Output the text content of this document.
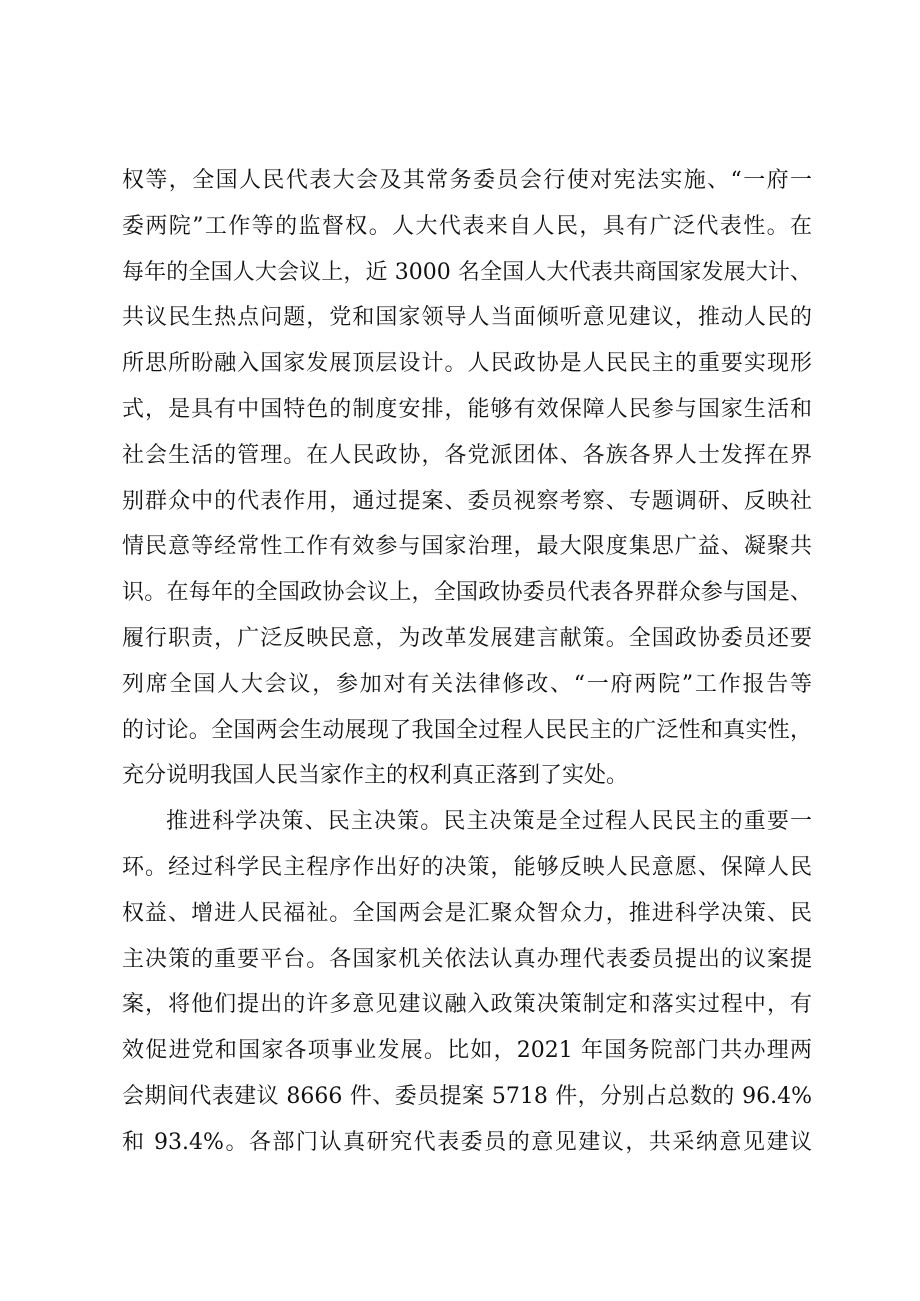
权等，全国人民代表大会及其常务委员会行使对宪法实施、“一府一
委两院”工作等的监督权。人大代表来自人民，具有广泛代表性。在
每年的全国人大会议上，近 3000 名全国人大代表共商国家发展大计、
共议民生热点问题，党和国家领导人当面倾听意见建议，推动人民的
所思所盼融入国家发展顶层设计。人民政协是人民民主的重要实现形
式，是具有中国特色的制度安排，能够有效保障人民参与国家生活和
社会生活的管理。在人民政协，各党派团体、各族各界人士发挥在界
别群众中的代表作用，通过提案、委员视察考察、专题调研、反映社
情民意等经常性工作有效参与国家治理，最大限度集思广益、凝聚共
识。在每年的全国政协会议上，全国政协委员代表各界群众参与国是、
履行职责，广泛反映民意，为改革发展建言献策。全国政协委员还要
列席全国人大会议，参加对有关法律修改、“一府两院”工作报告等
的讨论。全国两会生动展现了我国全过程人民民主的广泛性和真实性，
充分说明我国人民当家作主的权利真正落到了实处。
推进科学决策、民主决策。民主决策是全过程人民民主的重要一
环。经过科学民主程序作出好的决策，能够反映人民意愿、保障人民
权益、增进人民福祉。全国两会是汇聚众智众力，推进科学决策、民
主决策的重要平台。各国家机关依法认真办理代表委员提出的议案提
案，将他们提出的许多意见建议融入政策决策制定和落实过程中，有
效促进党和国家各项事业发展。比如，2021 年国务院部门共办理两
会期间代表建议 8666 件、委员提案 5718 件，分别占总数的 96.4%
和 93.4%。各部门认真研究代表委员的意见建议，共采纳意见建议
